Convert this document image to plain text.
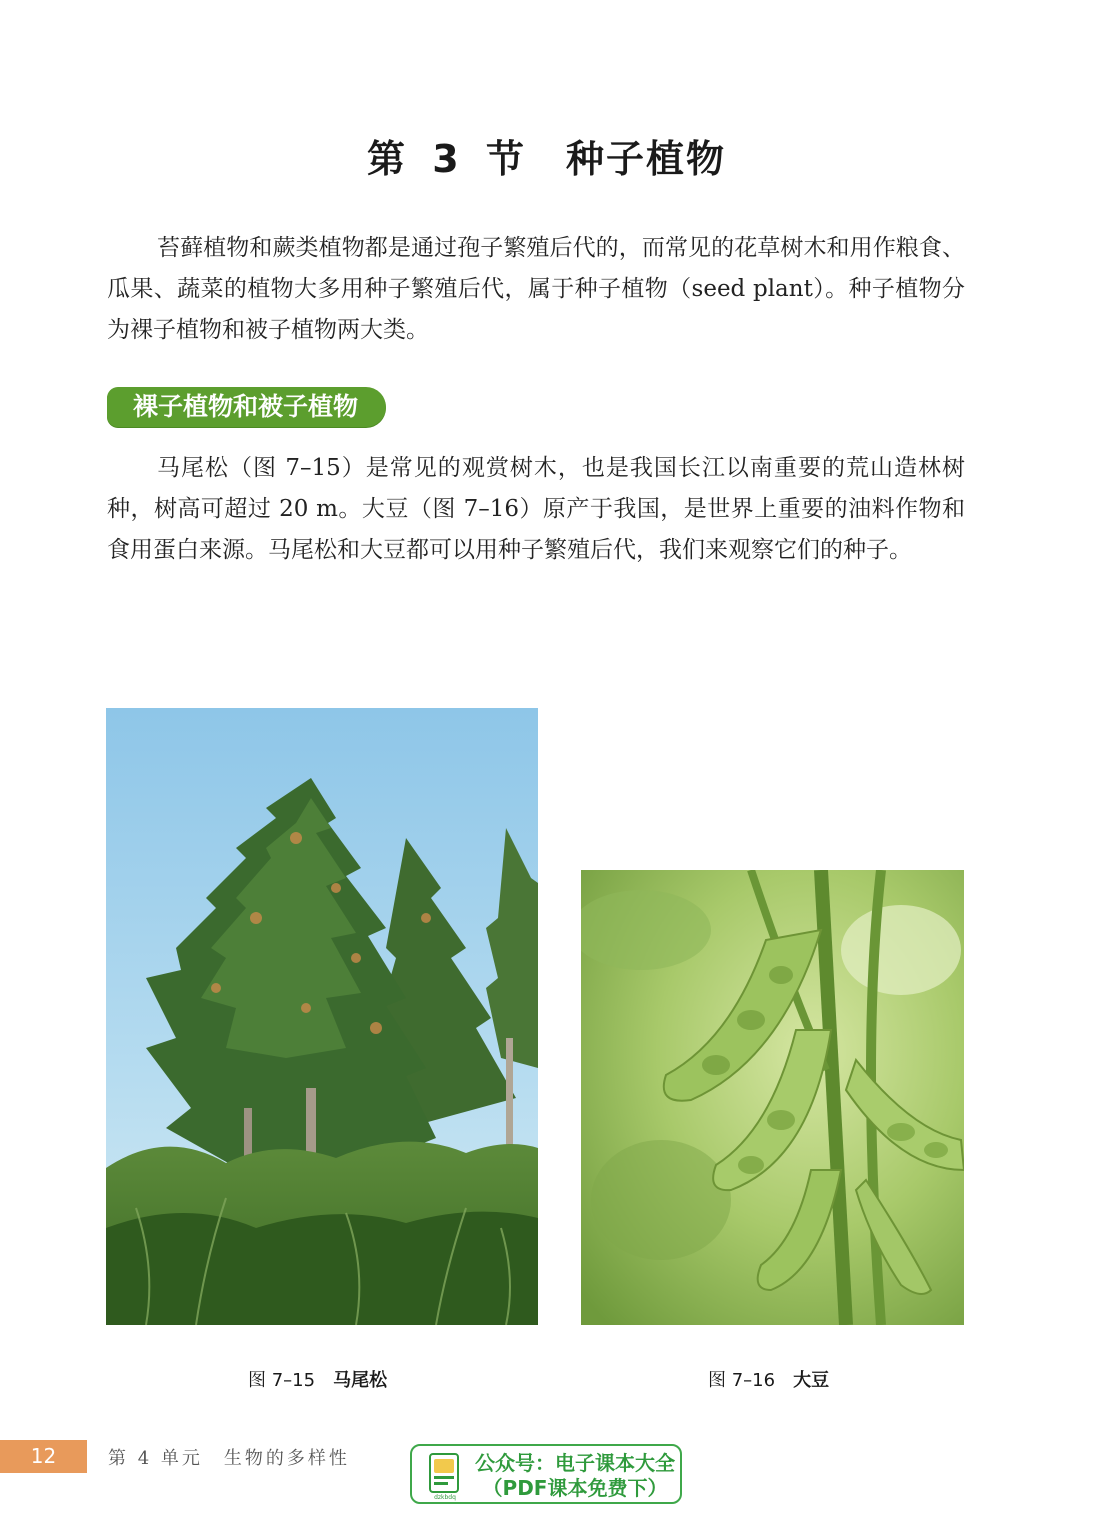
第 3 节　种子植物

苔藓植物和蕨类植物都是通过孢子繁殖后代的，而常见的花草树木和用作粮食、瓜果、蔬菜的植物大多用种子繁殖后代，属于种子植物（seed plant）。种子植物分为裸子植物和被子植物两大类。

裸子植物和被子植物

马尾松（图 7–15）是常见的观赏树木，也是我国长江以南重要的荒山造林树种，树高可超过 20 m。大豆（图 7–16）原产于我国，是世界上重要的油料作物和食用蛋白来源。马尾松和大豆都可以用种子繁殖后代，我们来观察它们的种子。

图 7–15 马尾松	图 7–16 大豆
12	第 4 单元　生物的多样性
dzkbdq
公众号：电子课本大全
（PDF课本免费下）
